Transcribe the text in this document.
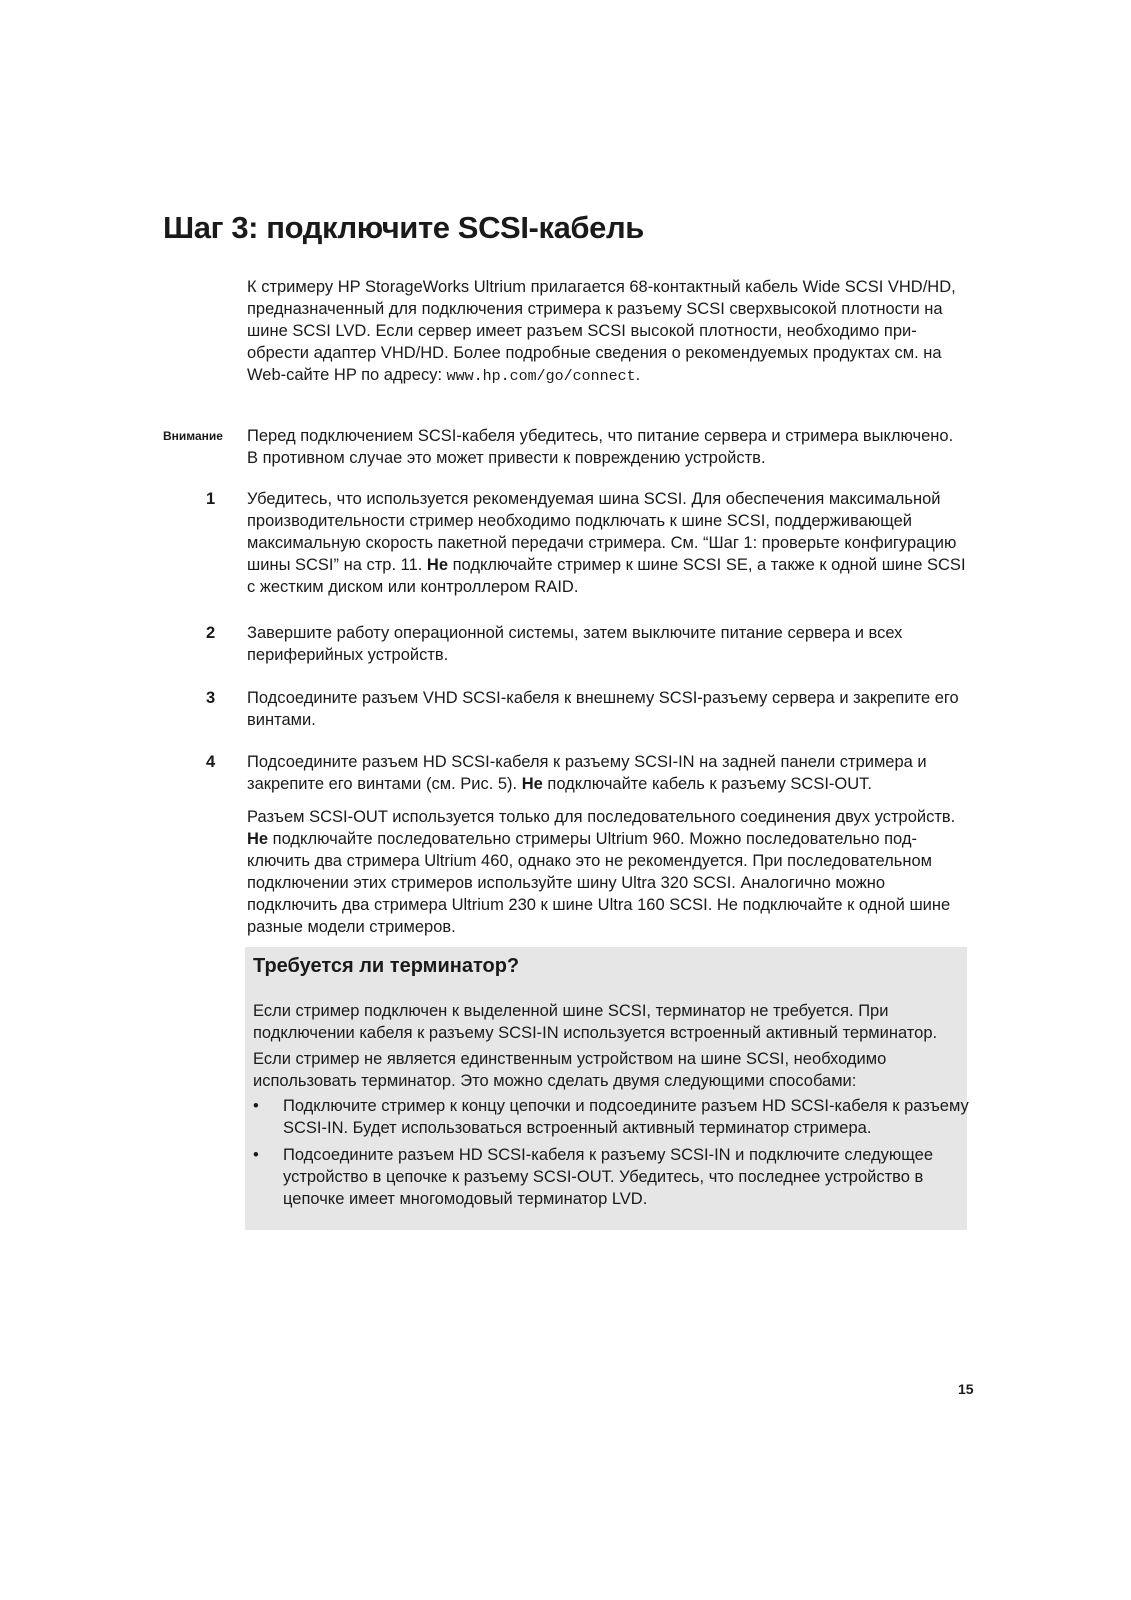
Шаг 3: подключите SCSI-кабель

К стримеру HP StorageWorks Ultrium прилагается 68-контактный кабель Wide SCSI VHD/HD, предназначенный для подключения стримера к разъему SCSI сверхвысокой плотности на шине SCSI LVD. Если сервер имеет разъем SCSI высокой плотности, необходимо приобрести адаптер VHD/HD. Более подробные сведения о рекомендуемых продуктах см. на Web-сайте HP по адресу: www.hp.com/go/connect.

Внимание Перед подключением SCSI-кабеля убедитесь, что питание сервера и стримера выключено. В противном случае это может привести к повреждению устройств.

1	Убедитесь, что используется рекомендуемая шина SCSI. Для обеспечения максимальной производительности стример необходимо подключать к шине SCSI, поддерживающей максимальную скорость пакетной передачи стримера. См. “Шаг 1: проверьте конфигурацию шины SCSI” на стр. 11. Не подключайте стример к шине SCSI SE, а также к одной шине SCSI с жестким диском или контроллером RAID.

2	Завершите работу операционной системы, затем выключите питание сервера и всех периферийных устройств.

3	Подсоедините разъем VHD SCSI-кабеля к внешнему SCSI-разъему сервера и закрепите его винтами.

4	Подсоедините разъем HD SCSI-кабеля к разъему SCSI-IN на задней панели стримера и закрепите его винтами (см. Рис. 5). Не подключайте кабель к разъему SCSI-OUT.

Разъем SCSI-OUT используется только для последовательного соединения двух устройств. Не подключайте последовательно стримеры Ultrium 960. Можно последовательно подключить два стримера Ultrium 460, однако это не рекомендуется. При последовательном подключении этих стримеров используйте шину Ultra 320 SCSI. Аналогично можно подключить два стримера Ultrium 230 к шине Ultra 160 SCSI. Не подключайте к одной шине разные модели стримеров.

Требуется ли терминатор?

Если стример подключен к выделенной шине SCSI, терминатор не требуется. При подключении кабеля к разъему SCSI-IN используется встроенный активный терминатор.

Если стример не является единственным устройством на шине SCSI, необходимо использовать терминатор. Это можно сделать двумя следующими способами:

• Подключите стример к концу цепочки и подсоедините разъем HD SCSI-кабеля к разъему SCSI-IN. Будет использоваться встроенный активный терминатор стримера.

• Подсоедините разъем HD SCSI-кабеля к разъему SCSI-IN и подключите следующее устройство в цепочке к разъему SCSI-OUT. Убедитесь, что последнее устройство в цепочке имеет многомодовый терминатор LVD.

15
